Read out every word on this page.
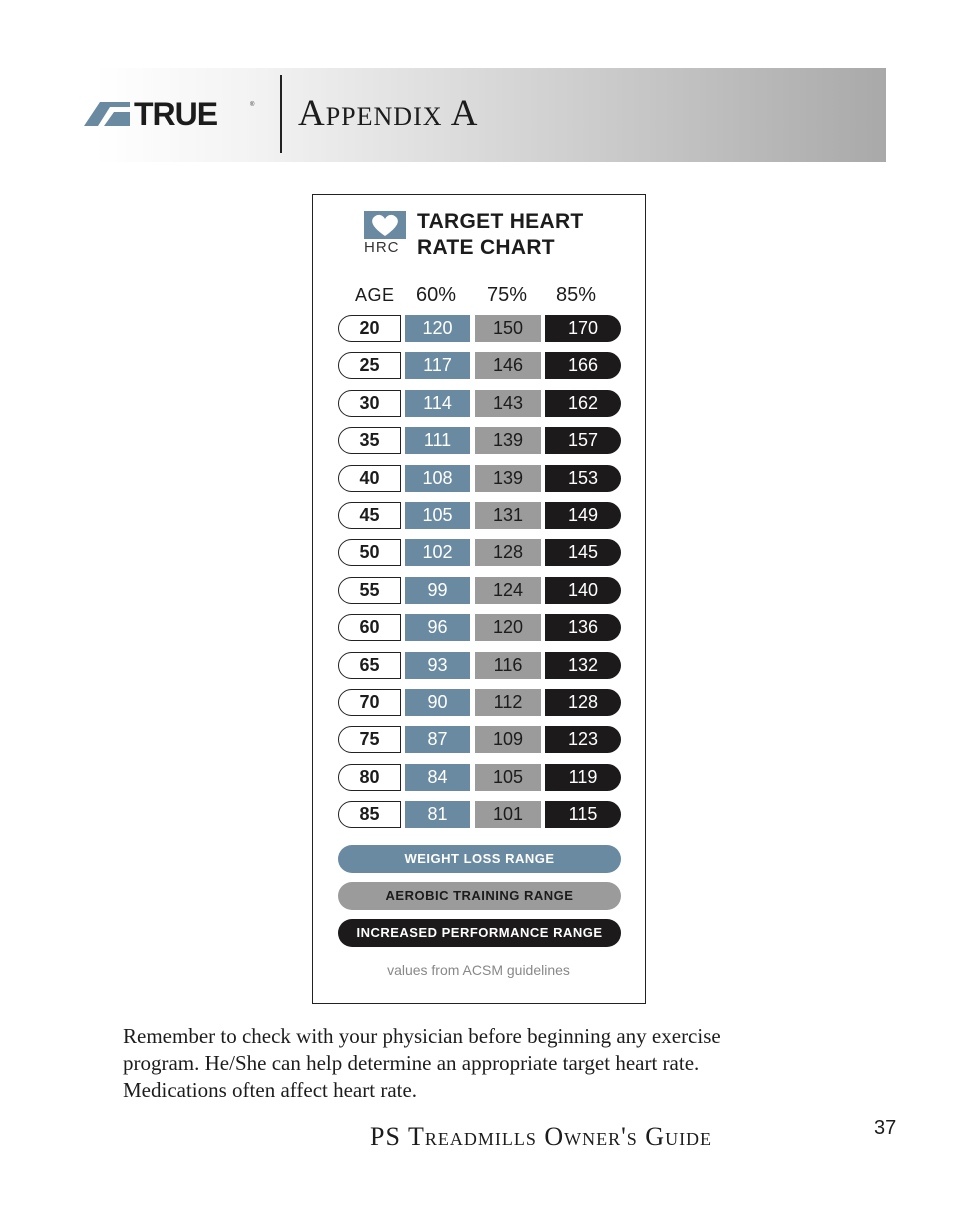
TRUE	® Appendix A
HRC
TARGET HEART
RATE CHART
AGE 60% 75% 85%
20	120	150	170
25	117	146	166
30	114	143	162
35	111	139	157
40	108	139	153
45	105	131	149
50	102	128	145
55	99	124	140
60	96	120	136
65	93	116	132
70	90	112	128
75	87	109	123
80	84	105	119
85	81	101	115
WEIGHT LOSS RANGE
AEROBIC TRAINING RANGE
INCREASED PERFORMANCE RANGE
values from ACSM guidelines

Remember to check with your physician before beginning any exercise

program. He/She can help determine an appropriate target heart rate.

Medications often affect heart rate.

PS Treadmills Owner's Guide	37
